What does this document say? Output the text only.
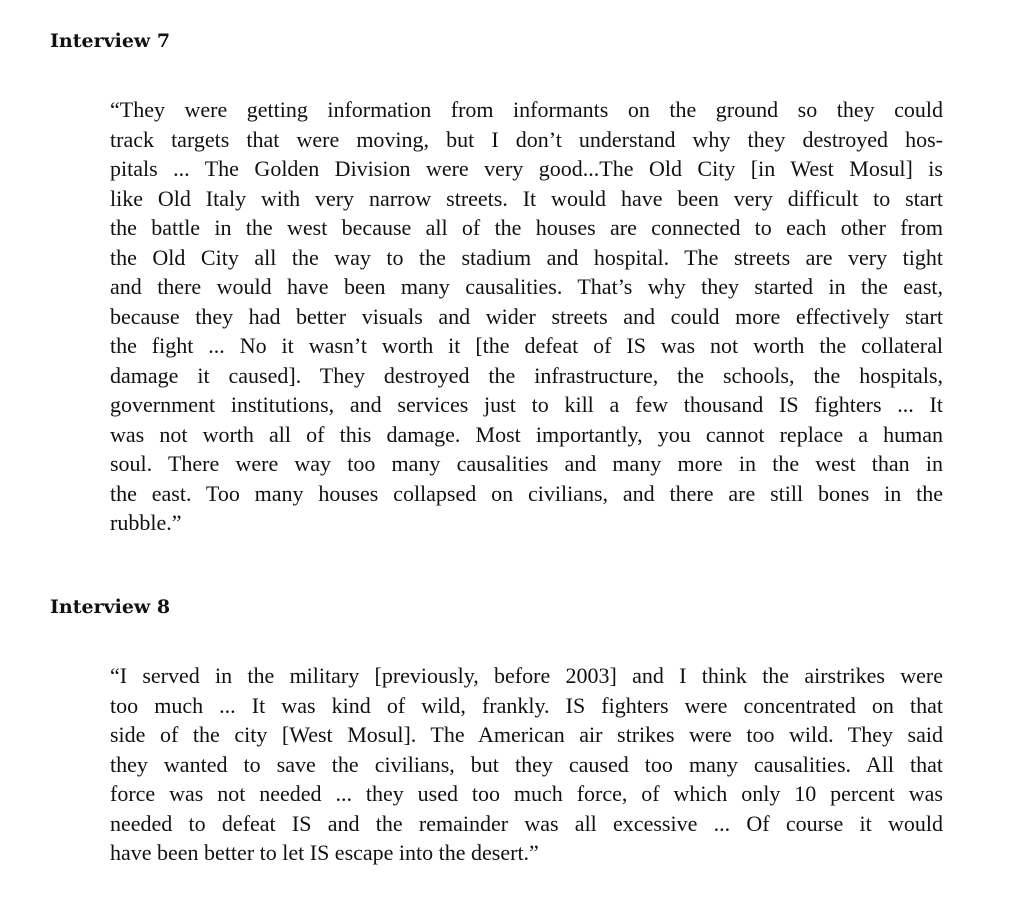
Interview 7
“They were getting information from informants on the ground so they could
track targets that were moving, but I don’t understand why they destroyed hos-
pitals ... The Golden Division were very good...The Old City [in West Mosul] is
like Old Italy with very narrow streets. It would have been very difficult to start
the battle in the west because all of the houses are connected to each other from
the Old City all the way to the stadium and hospital. The streets are very tight
and there would have been many causalities. That’s why they started in the east,
because they had better visuals and wider streets and could more effectively start
the fight ... No it wasn’t worth it [the defeat of IS was not worth the collateral
damage it caused]. They destroyed the infrastructure, the schools, the hospitals,
government institutions, and services just to kill a few thousand IS fighters ... It
was not worth all of this damage. Most importantly, you cannot replace a human
soul. There were way too many causalities and many more in the west than in
the east. Too many houses collapsed on civilians, and there are still bones in the
rubble.”
Interview 8
“I served in the military [previously, before 2003] and I think the airstrikes were
too much ... It was kind of wild, frankly. IS fighters were concentrated on that
side of the city [West Mosul]. The American air strikes were too wild. They said
they wanted to save the civilians, but they caused too many causalities. All that
force was not needed ... they used too much force, of which only 10 percent was
needed to defeat IS and the remainder was all excessive ... Of course it would
have been better to let IS escape into the desert.”
